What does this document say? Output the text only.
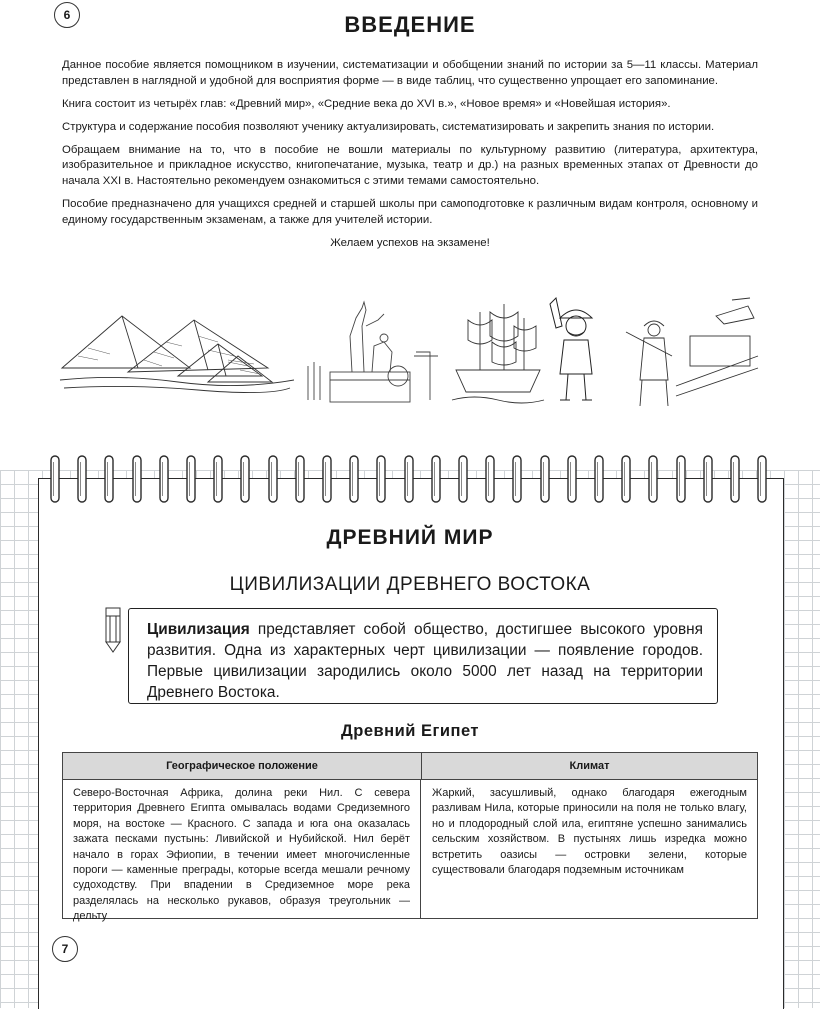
6	ВВЕДЕНИЕ

Данное пособие является помощником в изучении, систематизации и обобщении знаний по истории за 5—11 классы. Материал представлен в наглядной и удобной для восприятия форме — в виде таблиц, что существенно упрощает его запоминание.

Книга состоит из четырёх глав: «Древний мир», «Средние века до XVI в.», «Новое время» и «Новейшая история».

Структура и содержание пособия позволяют ученику актуализировать, систематизировать и закрепить знания по истории.

Обращаем внимание на то, что в пособие не вошли материалы по культурному развитию (литература, архитектура, изобразительное и прикладное искусство, книгопечатание, музыка, театр и др.) на разных временных этапах от Древности до начала XXI в. Настоятельно рекомендуем ознакомиться с этими темами самостоятельно.

Пособие предназначено для учащихся средней и старшей школы при самоподготовке к различным видам контроля, основному и единому государственным экзаменам, а также для учителей истории.

Желаем успехов на экзамене!

ДРЕВНИЙ МИР
ЦИВИЛИЗАЦИИ ДРЕВНЕГО ВОСТОКА
Цивилизация представляет собой общество, достигшее высокого уровня развития. Одна из характерных черт цивилизации — появление городов. Первые цивилизации зародились около 5000 лет назад на территории Древнего Востока.
Древний Египет
Географическое положение	Климат
Северо-Восточная Африка, долина реки Нил. С севера территория Древнего Египта омывалась водами Средиземного моря, на востоке — Красного. С запада и юга она оказалась зажата песками пустынь: Ливийской и Нубийской. Нил берёт начало в горах Эфиопии, в течении имеет многочисленные пороги — каменные преграды, которые всегда мешали речному судоходству. При впадении в Средиземное море река разделялась на несколько рукавов, образуя треугольник — дельту
Жаркий, засушливый, однако благодаря ежегодным разливам Нила, которые приносили на поля не только влагу, но и плодородный слой ила, египтяне успешно занимались сельским хозяйством. В пустынях лишь изредка можно встретить оазисы — островки зелени, которые существовали благодаря подземным источникам
7
